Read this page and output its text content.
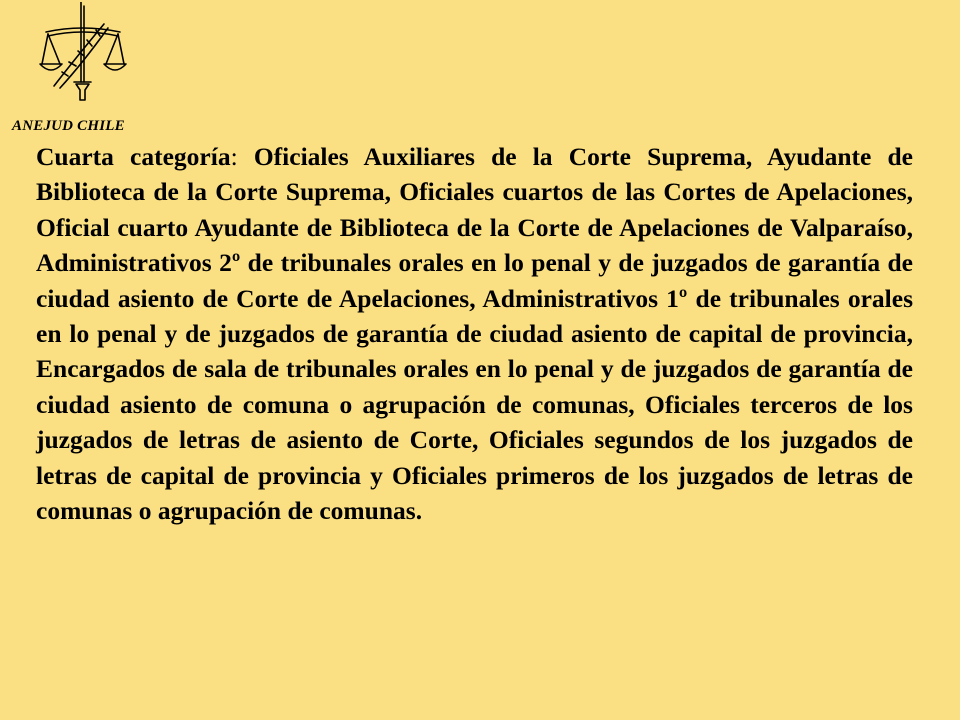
ANEJUD CHILE

Cuarta categoría: Oficiales Auxiliares de la Corte Suprema, Ayudante de Biblioteca de la Corte Suprema, Oficiales cuartos de las Cortes de Apelaciones, Oficial cuarto Ayudante de Biblioteca de la Corte de Apelaciones de Valparaíso, Administrativos 2º de tribunales orales en lo penal y de juzgados de garantía de ciudad asiento de Corte de Apelaciones, Administrativos 1º de tribunales orales en lo penal y de juzgados de garantía de ciudad asiento de capital de provincia, Encargados de sala de tribunales orales en lo penal y de juzgados de garantía de ciudad asiento de comuna o agrupación de comunas, Oficiales terceros de los juzgados de letras de asiento de Corte, Oficiales segundos de los juzgados de letras de capital de provincia y Oficiales primeros de los juzgados de letras de comunas o agrupación de comunas.
